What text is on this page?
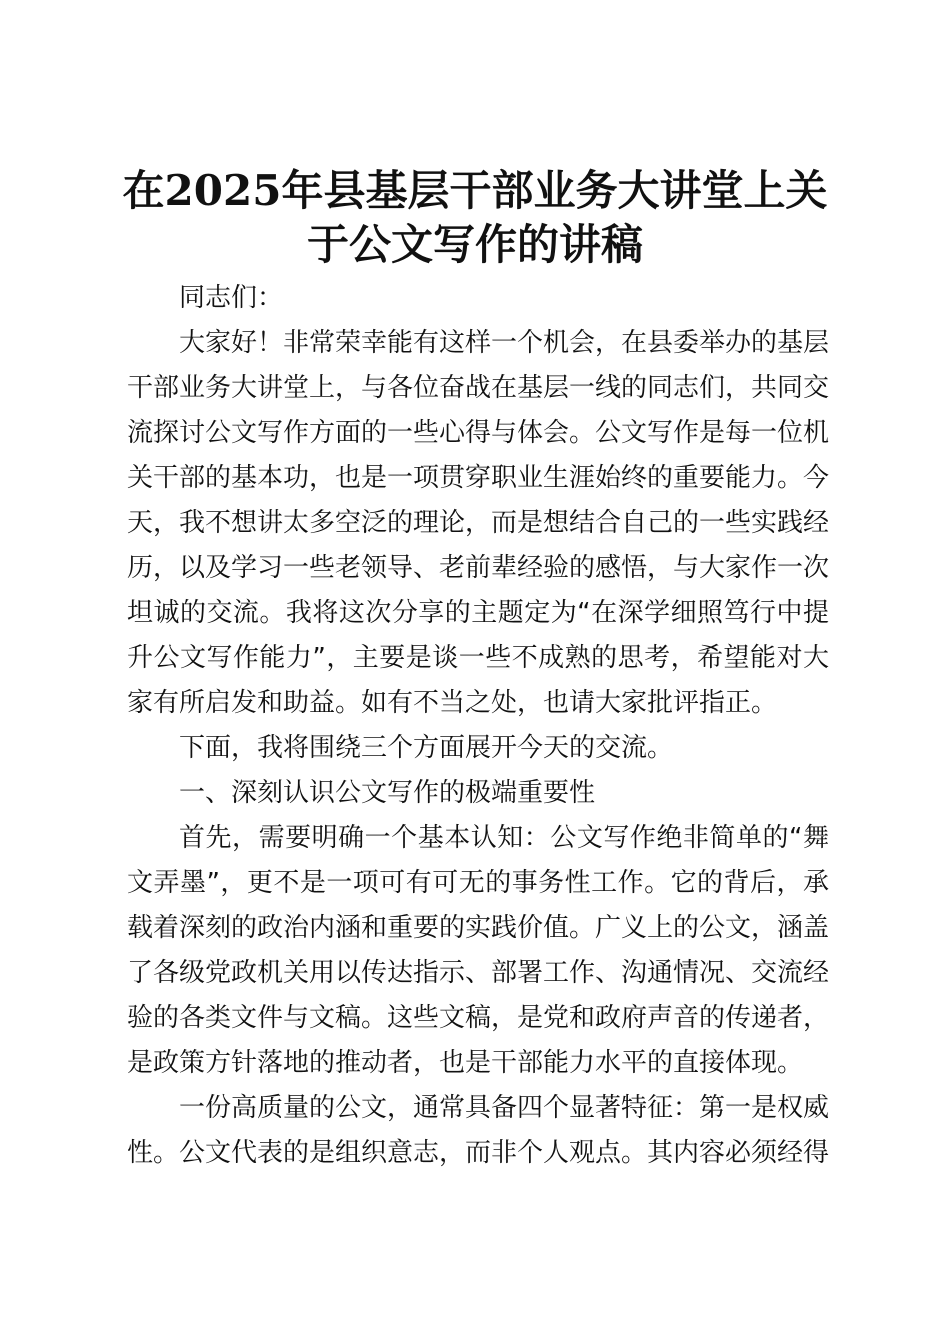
在2025年县基层干部业务大讲堂上关于公文写作的讲稿

同志们：

大家好！非常荣幸能有这样一个机会，在县委举办的基层干部业务大讲堂上，与各位奋战在基层一线的同志们，共同交流探讨公文写作方面的一些心得与体会。公文写作是每一位机关干部的基本功，也是一项贯穿职业生涯始终的重要能力。今天，我不想讲太多空泛的理论，而是想结合自己的一些实践经历，以及学习一些老领导、老前辈经验的感悟，与大家作一次坦诚的交流。我将这次分享的主题定为“在深学细照笃行中提升公文写作能力”，主要是谈一些不成熟的思考，希望能对大家有所启发和助益。如有不当之处，也请大家批评指正。

下面，我将围绕三个方面展开今天的交流。

一、深刻认识公文写作的极端重要性

首先，需要明确一个基本认知：公文写作绝非简单的“舞文弄墨”，更不是一项可有可无的事务性工作。它的背后，承载着深刻的政治内涵和重要的实践价值。广义上的公文，涵盖了各级党政机关用以传达指示、部署工作、沟通情况、交流经验的各类文件与文稿。这些文稿，是党和政府声音的传递者，是政策方针落地的推动者，也是干部能力水平的直接体现。

一份高质量的公文，通常具备四个显著特征：第一是权威性。公文代表的是组织意志，而非个人观点。其内容必须经得
